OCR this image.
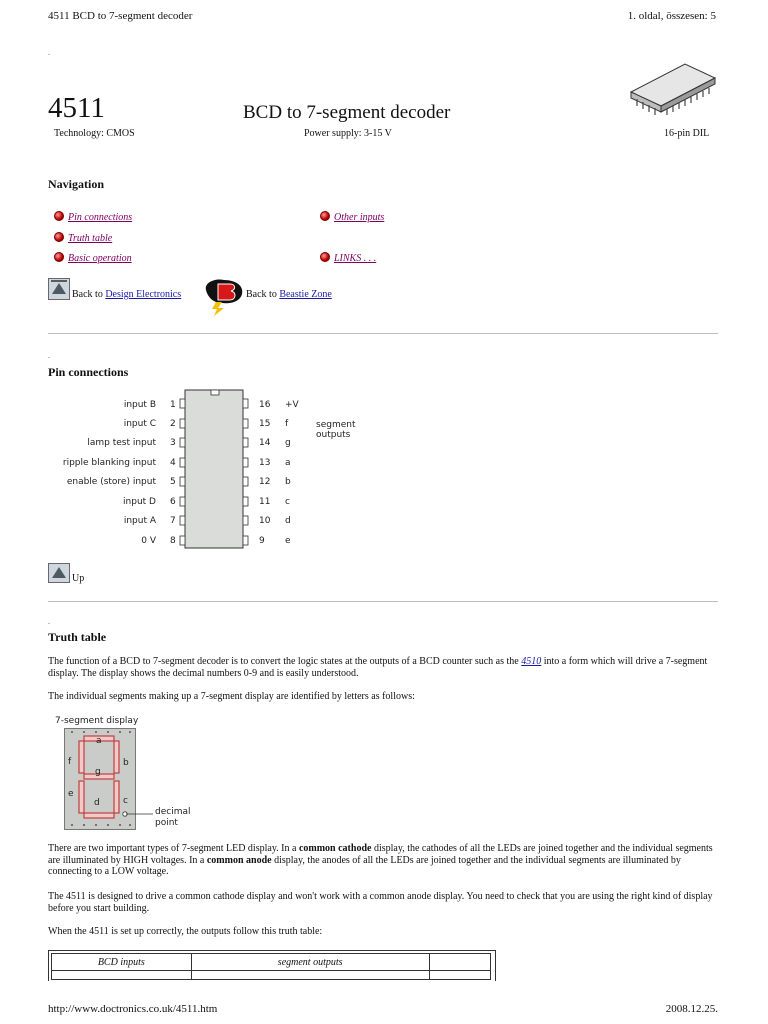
4511 BCD to 7-segment decoder	1. oldal, összesen: 5
.
4511	BCD to 7-segment decoder
Technology: CMOS	Power supply: 3-15 V	16-pin DIL
Navigation
Pin connections
Truth table
Basic operation
Other inputs
LINKS . . .
Back to Design Electronics	Back to Beastie Zone
.
Pin connections
input B 1
input C 2
lamp test input 3
ripple blanking input 4
enable (store) input 5
input D 6
input A 7
0 V 8
16 +V
15 f
14 g
13 a
12 b
11 c
10 d
9 e
segment outputs
Up
.
Truth table
The function of a BCD to 7-segment decoder is to convert the logic states at the outputs of a BCD counter such as the 4510 into a form which will drive a 7-segment display. The display shows the decimal numbers 0-9 and is easily understood.
The individual segments making up a 7-segment display are identified by letters as follows:
7-segment display
a
b
c
d
e
f
g
decimal point
There are two important types of 7-segment LED display. In a common cathode display, the cathodes of all the LEDs are joined together and the individual segments are illuminated by HIGH voltages. In a common anode display, the anodes of all the LEDs are joined together and the individual segments are illuminated by connecting to a LOW voltage.
The 4511 is designed to drive a common cathode display and won't work with a common anode display. You need to check that you are using the right kind of display before you start building.
When the 4511 is set up correctly, the outputs follow this truth table:
BCD inputs	segment outputs	

http://www.doctronics.co.uk/4511.htm	2008.12.25.
